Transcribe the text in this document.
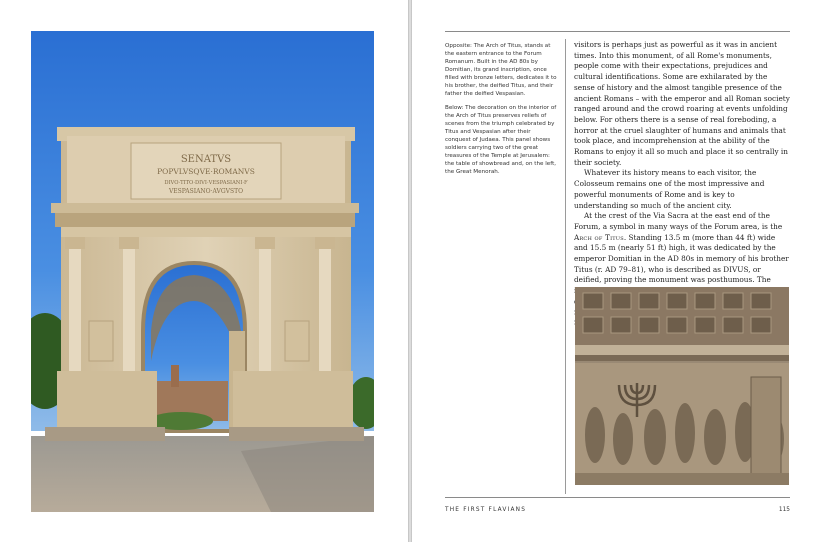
SENATVS
POPVLVSQVE·ROMANVS
DIVO·TITO·DIVI·VESPASIANI·F
VESPASIANO·AVGVSTO

Opposite: The Arch of Titus, stands at the eastern entrance to the Forum Romanum. Built in the AD 80s by Domitian, its grand inscription, once filled with bronze letters, dedicates it to his brother, the deified Titus, and their father the deified Vespasian.

Below: The decoration on the interior of the Arch of Titus preserves reliefs of scenes from the triumph celebrated by Titus and Vespasian after their conquest of Judaea. This panel shows soldiers carrying two of the great treasures of the Temple at Jerusalem: the table of showbread and, on the left, the Great Menorah.

visitors is perhaps just as powerful as it was in ancient times. Into this monument, of all Rome's monuments, people come with their expectations, prejudices and cultural identifications. Some are exhilarated by the sense of history and the almost tangible presence of the ancient Romans – with the emperor and all Roman society ranged around and the crowd roaring at events unfolding below. For others there is a sense of real foreboding, a horror at the cruel slaughter of humans and animals that took place, and incomprehension at the ability of the Romans to enjoy it all so much and place it so centrally in their society.

Whatever its history means to each visitor, the Colosseum remains one of the most impressive and powerful monuments of Rome and is key to understanding so much of the ancient city.

At the crest of the Via Sacra at the east end of the Forum, a symbol in many ways of the Forum area, is the Arch of Titus. Standing 13.5 m (more than 44 ft) wide and 15.5 m (nearly 51 ft) high, it was dedicated by the emperor Domitian in the AD 80s in memory of his brother Titus (r. AD 79–81), who is described as DIVUS, or deified, proving the monument was posthumous. The

THE FIRST FLAVIANS	115
